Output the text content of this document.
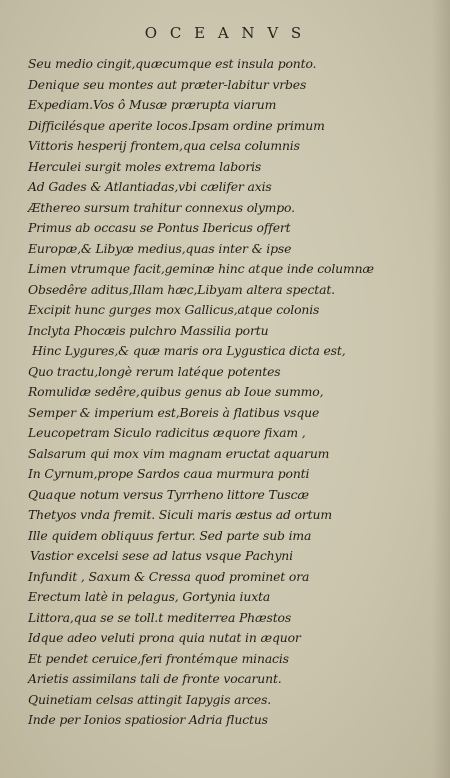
O C E A N V S
Seu medio cingit,quæcumque est insula ponto.
Denique seu montes aut præter-labitur vrbes
Expediam.Vos ô Musæ prærupta viarum
Difficilésque aperite locos.Ipsam ordine primum
Vittoris hesperij frontem,qua celsa columnis
Herculei surgit moles extrema laboris
Ad Gades & Atlantiadas,vbi cælifer axis
Æthereo sursum trahitur connexus olympo.
Primus ab occasu se Pontus Ibericus offert
Europæ,& Libyæ medius,quas inter & ipse
Limen vtrumque facit,geminæ hinc atque inde columnæ
Obsedêre aditus,Illam hæc,Libyam altera spectat.
Excipit hunc gurges mox Gallicus,atque colonis
Inclyta Phocæis pulchro Massilia portu
Hinc Lygures,& quæ maris ora Lygustica dicta est,
Quo tractu,longè rerum latéque potentes
Romulidæ sedêre,quibus genus ab Ioue summo,
Semper & imperium est,Boreis à flatibus vsque
Leucopetram Siculo radicitus æquore fixam ,
Salsarum qui mox vim magnam eructat aquarum
In Cyrnum,prope Sardos caua murmura ponti
Quaque notum versus Tyrrheno littore Tuscæ
Thetyos vnda fremit. Siculi maris æstus ad ortum
Ille quidem obliquus fertur. Sed parte sub ima
Vastior excelsi sese ad latus vsque Pachyni
Infundit , Saxum & Cressa quod prominet ora
Erectum latè in pelagus, Gortynia iuxta
Littora,qua se se toll.t mediterrea Phæstos
Idque adeo veluti prona quia nutat in æquor
Et pendet ceruice,feri frontémque minacis
Arietis assimilans tali de fronte vocarunt.
Quinetiam celsas attingit Iapygis arces.
Inde per Ionios spatiosior Adria fluctus
